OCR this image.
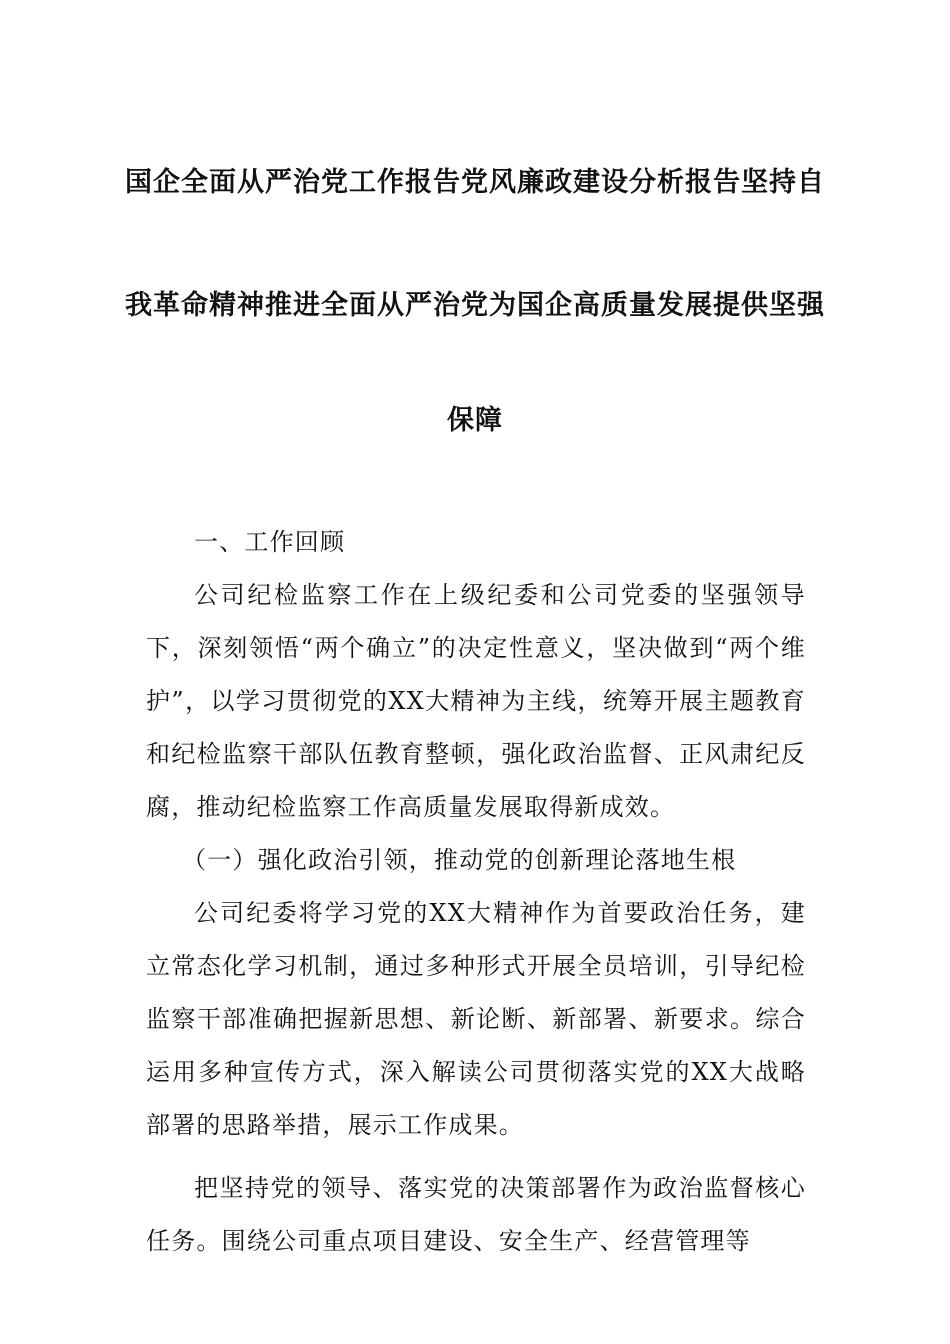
国企全面从严治党工作报告党风廉政建设分析报告坚持自
我革命精神推进全面从严治党为国企高质量发展提供坚强
保障

一、工作回顾

公司纪检监察工作在上级纪委和公司党委的坚强领导下，深刻领悟“两个确立”的决定性意义，坚决做到“两个维护”，以学习贯彻党的XX大精神为主线，统筹开展主题教育和纪检监察干部队伍教育整顿，强化政治监督、正风肃纪反腐，推动纪检监察工作高质量发展取得新成效。

（一）强化政治引领，推动党的创新理论落地生根

公司纪委将学习党的XX大精神作为首要政治任务，建立常态化学习机制，通过多种形式开展全员培训，引导纪检监察干部准确把握新思想、新论断、新部署、新要求。综合运用多种宣传方式，深入解读公司贯彻落实党的XX大战略部署的思路举措，展示工作成果。

把坚持党的领导、落实党的决策部署作为政治监督核心任务。围绕公司重点项目建设、安全生产、经营管理等
